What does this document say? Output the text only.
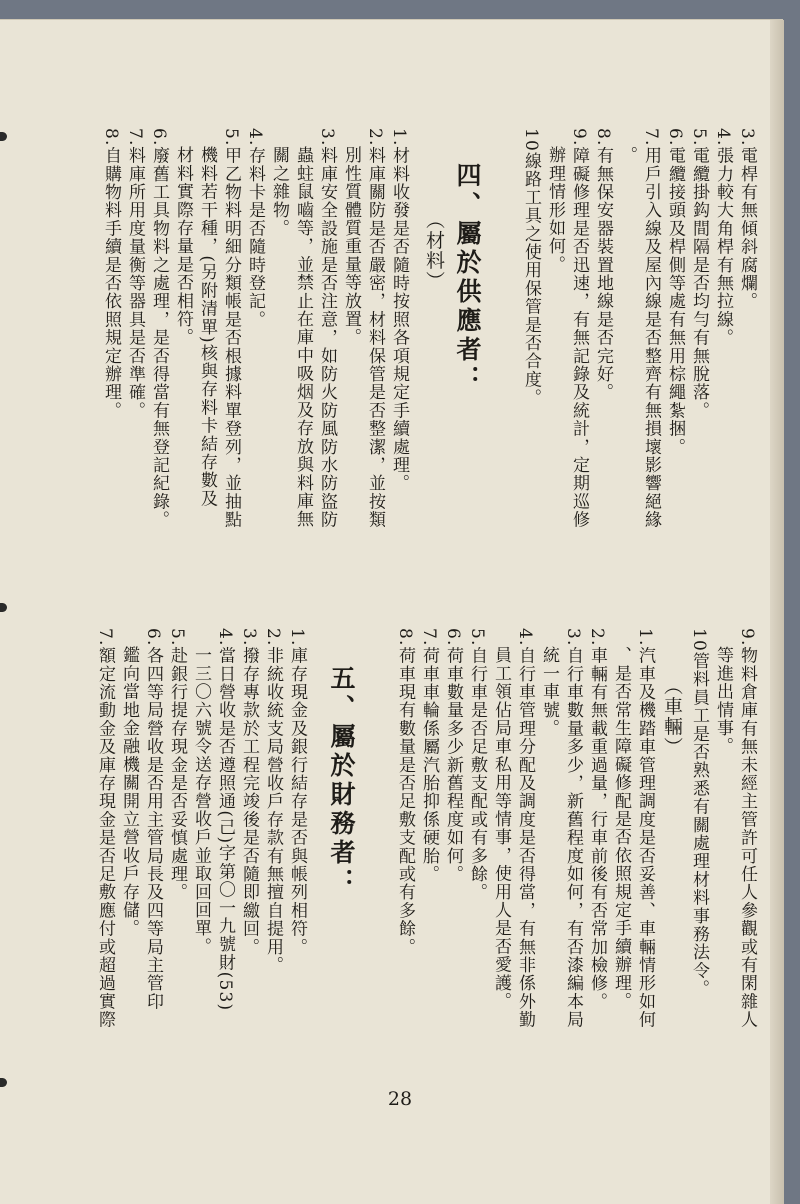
3.電桿有無傾斜腐爛。
4.張力較大角桿有無拉線。
5.電纜掛鈎間隔是否均勻有無脫落。
6.電纜接頭及桿側等處有無用棕繩紮捆。
7.用戶引入線及屋內線是否整齊有無損壞影響絕緣
　。
8.有無保安器裝置地線是否完好。
9.障礙修理是否迅速，有無記錄及統計，定期巡修
　辦理情形如何。
10線路工具之使用保管是否合度。
四、屬於供應者：
（材料）
1.材料收發是否隨時按照各項規定手續處理。
2.料庫關防是否嚴密，材料保管是否整潔，並按類
　別性質體質重量等放置。
3.料庫安全設施是否注意，如防火防風防水防盜防
　蟲蛀鼠嚙等，並禁止在庫中吸烟及存放與料庫無
　關之雜物。
4.存料卡是否隨時登記。
5.甲乙物料明細分類帳是否根據料單登列，並抽點
　機料若干種，(另附清單)核與存料卡結存數及
　材料實際存量是否相符。
6.廢舊工具物料之處理，是否得當有無登記紀錄。
7.料庫所用度量衡等器具是否準確。
8.自購物料手續是否依照規定辦理。
9.物料倉庫有無未經主管許可任人參觀或有閑雜人
　等進出情事。
10管料員工是否熟悉有關處理材料事務法令。
（車輛）
1.汽車及機踏車管理調度是否妥善、車輛情形如何
　、是否常生障礙修配是否依照規定手續辦理。
2.車輛有無載重過量，行車前後有否常加檢修。
3.自行車數量多少，新舊程度如何，有否漆編本局
　統一車號。
4.自行車管理分配及調度是否得當，有無非係外勤
　員工領佔局車私用等情事，使用人是否愛護。
5.自行車是否足敷支配或有多餘。
6.荷車數量多少新舊程度如何。
7.荷車車輪係屬汽胎抑係硬胎。
8.荷車現有數量是否足敷支配或有多餘。
五、屬於財務者：
1.庫存現金及銀行結存是否與帳列相符。
2.非統收統支局營收戶存款有無擅自提用。
3.撥存專款於工程完竣後是否隨即繳回。
4.當日營收是否遵照通(己)字第〇一九號財(53)
　一三〇六號令送存營收戶並取回回單。
5.赴銀行提存現金是否妥慎處理。
6.各四等局營收是否用主管局長及四等局主管印
　鑑向當地金融機關開立營收戶存儲。
7.額定流動金及庫存現金是否足敷應付或超過實際
28
